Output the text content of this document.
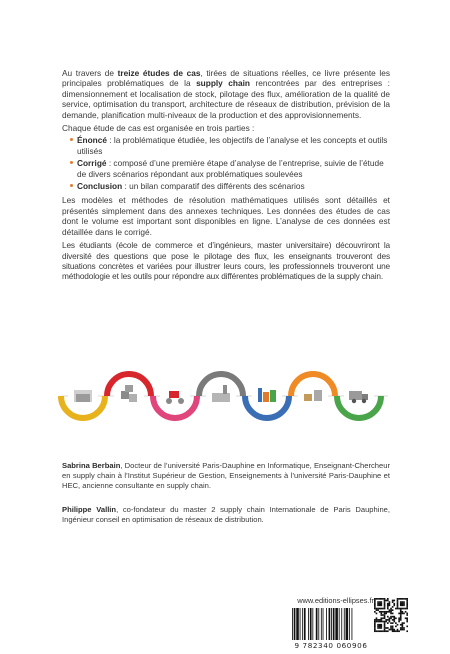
Au travers de treize études de cas, tirées de situations réelles, ce livre présente les principales problématiques de la supply chain rencontrées par des entreprises : dimensionnement et localisation de stock, pilotage des flux, amélioration de la qualité de service, optimisation du transport, architecture de réseaux de distribution, prévision de la demande, planification multi-niveaux de la production et des approvisionnements.

Chaque étude de cas est organisée en trois parties :

Énoncé : la problématique étudiée, les objectifs de l’analyse et les concepts et outils utilisés
Corrigé : composé d’une première étape d’analyse de l’entreprise, suivie de l’étude de divers scénarios répondant aux problématiques soulevées
Conclusion : un bilan comparatif des différents des scénarios

Les modèles et méthodes de résolution mathématiques utilisés sont détaillés et présentés simplement dans des annexes techniques. Les données des études de cas dont le volume est important sont disponibles en ligne. L’analyse de ces données est détaillée dans le corrigé.

Les étudiants (école de commerce et d’ingénieurs, master universitaire) découvriront la diversité des questions que pose le pilotage des flux, les enseignants trouveront des situations concrètes et variées pour illustrer leurs cours, les professionnels trouveront une méthodologie et les outils pour répondre aux différentes problématiques de la supply chain.

Sabrina Berbain, Docteur de l’université Paris-Dauphine en Informatique, Enseignant-Chercheur en supply chain à l’Institut Supérieur de Gestion, Enseignements à l’université Paris-Dauphine et HEC, ancienne consultante en supply chain.
Philippe Vallin, co-fondateur du master 2 supply chain Internationale de Paris Dauphine, Ingénieur conseil en optimisation de réseaux de distribution.
www.editions-ellipses.fr
9 782340 060906
